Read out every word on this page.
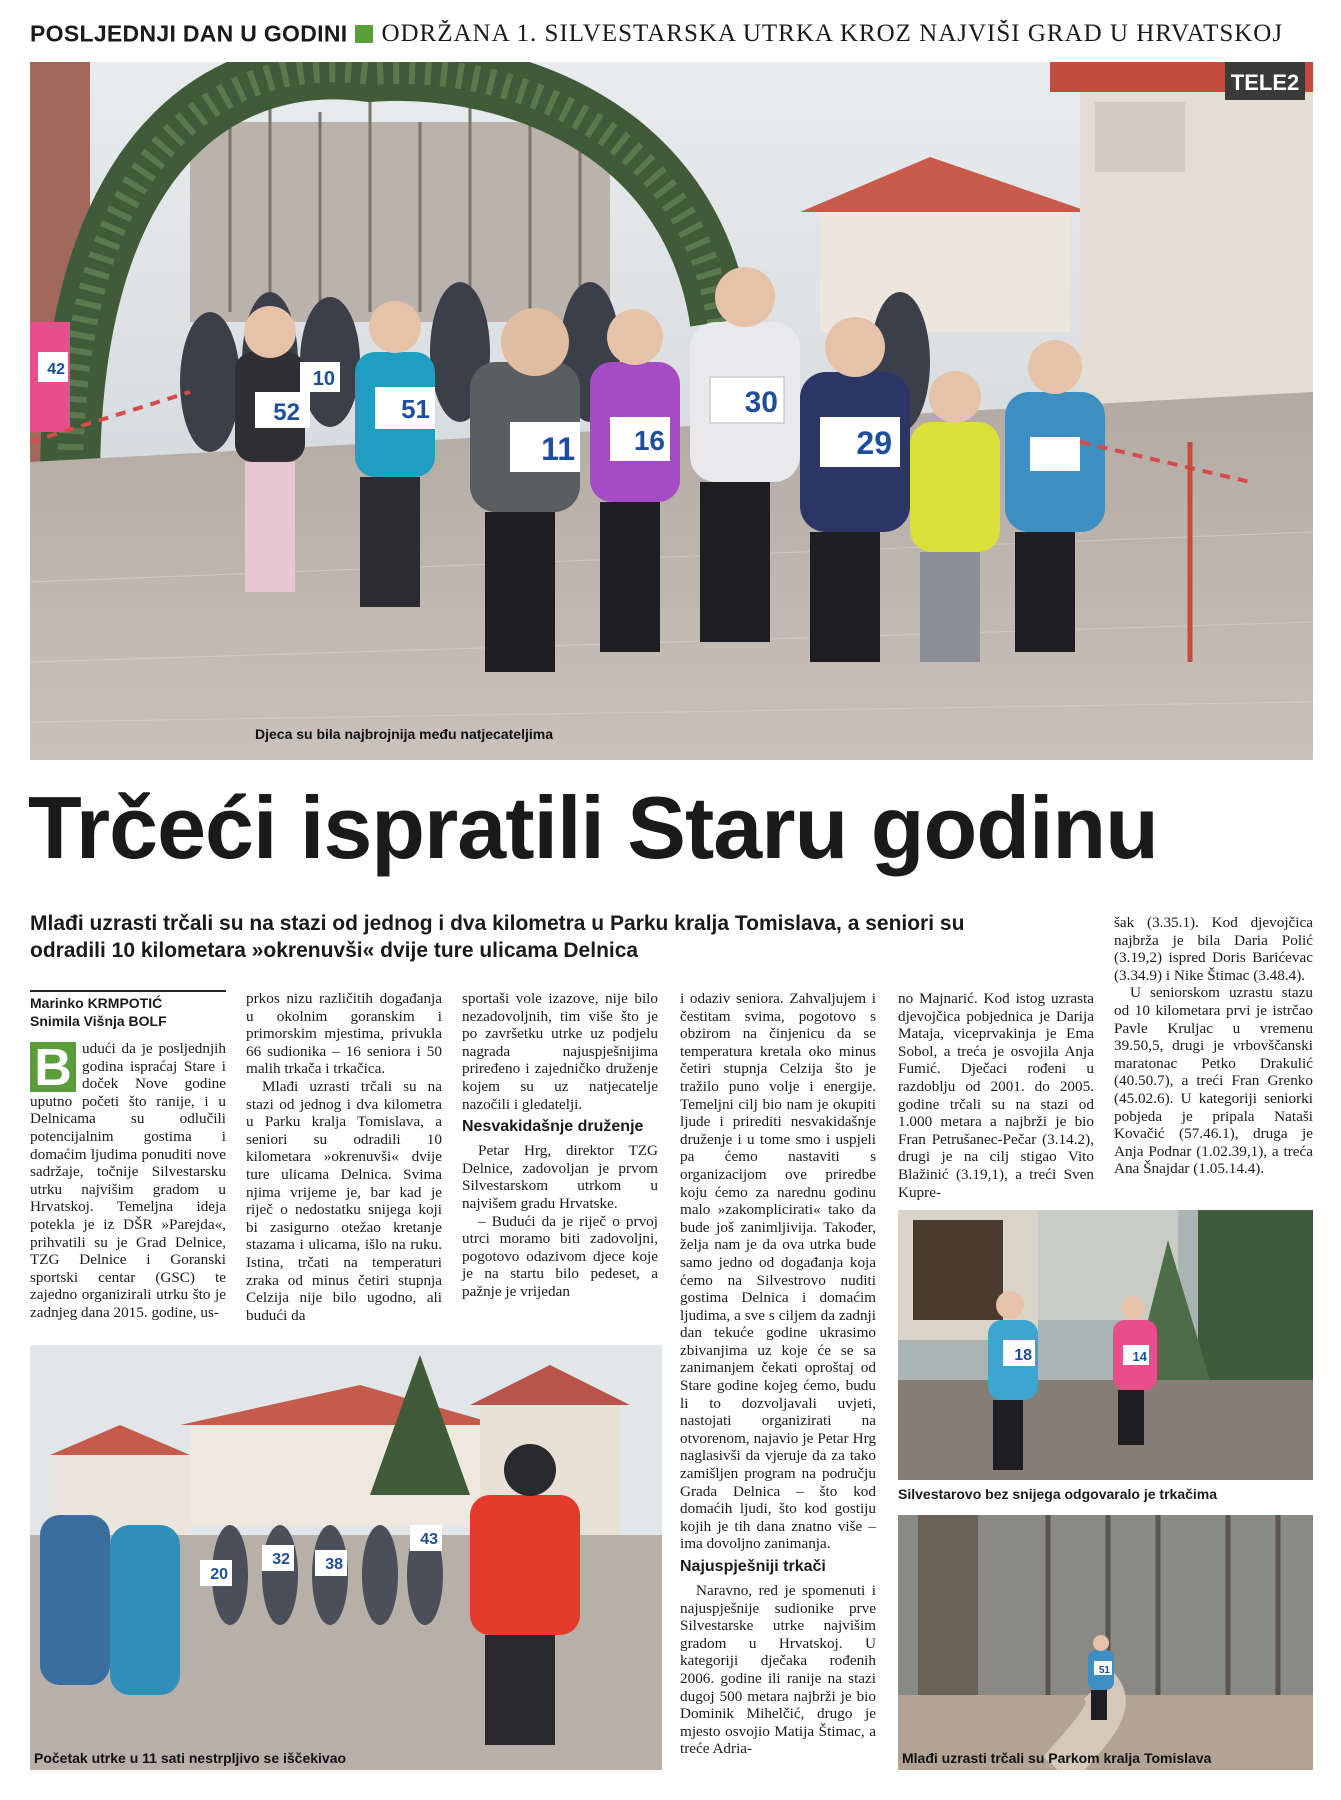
POSLJEDNJI DAN U GODINI ODRŽANA 1. SILVESTARSKA UTRKA KROZ NAJVIŠI GRAD U HRVATSKOJ
TELE2
52	51
11 16
30
29
42	10
Djeca su bila najbrojnija među natjecateljima
Trčeći ispratili Staru godinu
Mlađi uzrasti trčali su na stazi od jednog i dva kilometra u Parku kralja Tomislava, a seniori su odradili 10 kilometara »okrenuvši« dvije ture ulicama Delnica
Marinko KRMPOTIĆ
Snimila Višnja BOLF

B udući da je posljednjih godina ispraćaj Stare i doček Nove godine uputno početi što ranije, i u Delnicama su odlučili potencijalnim gostima i domaćim ljudima ponuditi nove sadržaje, točnije Silvestarsku utrku najvišim gradom u Hrvatskoj. Temeljna ideja potekla je iz DŠR »Parejda«, prihvatili su je Grad Delnice, TZG Delnice i Goranski sportski centar (GSC) te zajedno organizirali utrku što je zadnjeg dana 2015. godine, us-

prkos nizu različitih događanja u okolnim goranskim i primorskim mjestima, privukla 66 sudionika – 16 seniora i 50 malih trkača i trkačica.

Mlađi uzrasti trčali su na stazi od jednog i dva kilometra u Parku kralja Tomislava, a seniori su odradili 10 kilometara »okrenuvši« dvije ture ulicama Delnica. Svima njima vrijeme je, bar kad je riječ o nedostatku snijega koji bi zasigurno otežao kretanje stazama i ulicama, išlo na ruku. Istina, trčati na temperaturi zraka od minus četiri stupnja Celzija nije bilo ugodno, ali budući da

sportaši vole izazove, nije bilo nezadovoljnih, tim više što je po završetku utrke uz podjelu nagrada najuspješnijima priređeno i zajedničko druženje kojem su uz natjecatelje nazočili i gledatelji.

Nesvakidašnje druženje

Petar Hrg, direktor TZG Delnice, zadovoljan je prvom Silvestarskom utrkom u najvišem gradu Hrvatske.

– Budući da je riječ o prvoj utrci moramo biti zadovoljni, pogotovo odazivom djece koje je na startu bilo pedeset, a pažnje je vrijedan

i odaziv seniora. Zahvaljujem i čestitam svima, pogotovo s obzirom na činjenicu da se temperatura kretala oko minus četiri stupnja Celzija što je tražilo puno volje i energije. Temeljni cilj bio nam je okupiti ljude i prirediti nesvakidašnje druženje i u tome smo i uspjeli pa ćemo nastaviti s organizacijom ove priredbe koju ćemo za narednu godinu malo »zakomplicirati« tako da bude još zanimljivija. Također, želja nam je da ova utrka bude samo jedno od događanja koja ćemo na Silvestrovo nuditi gostima Delnica i domaćim ljudima, a sve s ciljem da zadnji dan tekuće godine ukrasimo zbivanjima uz koje će se sa zanimanjem čekati oproštaj od Stare godine kojeg ćemo, budu li to dozvoljavali uvjeti, nastojati organizirati na otvorenom, najavio je Petar Hrg naglasivši da vjeruje da za tako zamišljen program na području Grada Delnica – što kod domaćih ljudi, što kod gostiju kojih je tih dana znatno više – ima dovoljno zanimanja.

Najuspješniji trkači

Naravno, red je spomenuti i najuspješnije sudionike prve Silvestarske utrke najvišim gradom u Hrvatskoj. U kategoriji dječaka rođenih 2006. godine ili ranije na stazi dugoj 500 metara najbrži je bio Dominik Mihelčić, drugo je mjesto osvojio Matija Štimac, a treće Adria-

no Majnarić. Kod istog uzrasta djevojčica pobjednica je Darija Mataja, viceprvakinja je Ema Sobol, a treća je osvojila Anja Fumić. Dječaci rođeni u razdoblju od 2001. do 2005. godine trčali su na stazi od 1.000 metara a najbrži je bio Fran Petrušanec-Pečar (3.14.2), drugi je na cilj stigao Vito Blažinić (3.19,1), a treći Sven Kupre-

šak (3.35.1). Kod djevojčica najbrža je bila Daria Polić (3.19,2) ispred Doris Barićevac (3.34.9) i Nike Štimac (3.48.4).

U seniorskom uzrastu stazu od 10 kilometara prvi je istrčao Pavle Kruljac u vremenu 39.50,5, drugi je vrbovščanski maratonac Petko Drakulić (40.50.7), a treći Fran Grenko (45.02.6). U kategoriji seniorki pobjeda je pripala Nataši Kovačić (57.46.1), druga je Anja Podnar (1.02.39,1), a treća Ana Šnajdar (1.05.14.4).

20
32 38
43
Početak utrke u 11 sati nestrpljivo se iščekivao
18	14
Silvestarovo bez snijega odgovaralo je trkačima
51
Mlađi uzrasti trčali su Parkom kralja Tomislava
